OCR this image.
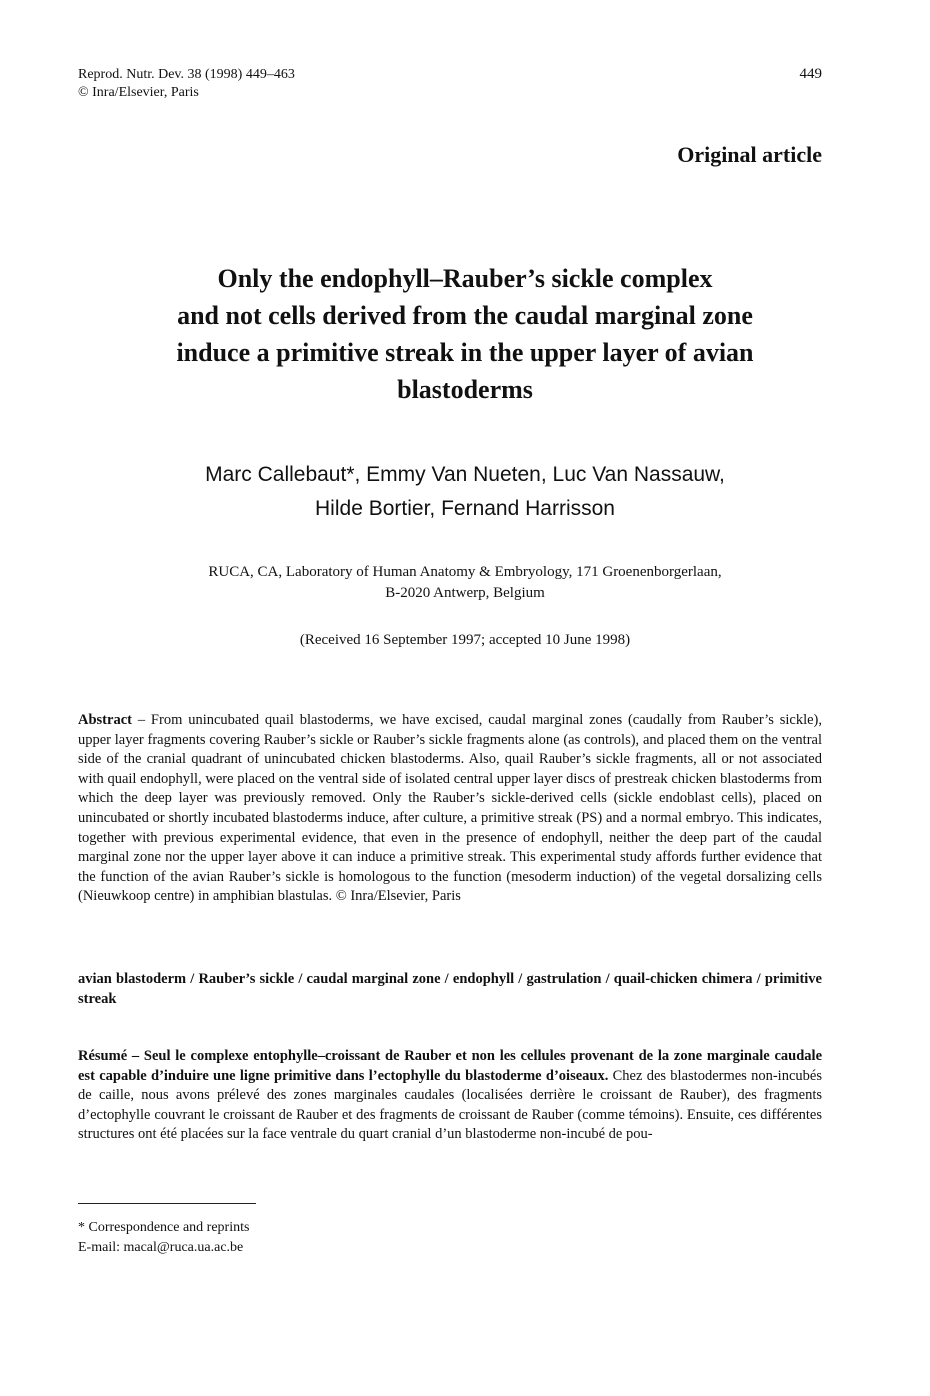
Reprod. Nutr. Dev. 38 (1998) 449–463
© Inra/Elsevier, Paris
449
Original article
Only the endophyll–Rauber’s sickle complex
and not cells derived from the caudal marginal zone
induce a primitive streak in the upper layer of avian
blastoderms
Marc Callebaut*, Emmy Van Nueten, Luc Van Nassauw,
Hilde Bortier, Fernand Harrisson
RUCA, CA, Laboratory of Human Anatomy & Embryology, 171 Groenenborgerlaan,
B-2020 Antwerp, Belgium
(Received 16 September 1997; accepted 10 June 1998)
Abstract – From unincubated quail blastoderms, we have excised, caudal marginal zones (caudally from Rauber’s sickle), upper layer fragments covering Rauber’s sickle or Rauber’s sickle fragments alone (as controls), and placed them on the ventral side of the cranial quadrant of unincubated chicken blastoderms. Also, quail Rauber’s sickle fragments, all or not associated with quail endophyll, were placed on the ventral side of isolated central upper layer discs of prestreak chicken blastoderms from which the deep layer was previously removed. Only the Rauber’s sickle-derived cells (sickle endoblast cells), placed on unincubated or shortly incubated blastoderms induce, after culture, a primitive streak (PS) and a normal embryo. This indicates, together with previous experimental evidence, that even in the presence of endophyll, neither the deep part of the caudal marginal zone nor the upper layer above it can induce a primitive streak. This experimental study affords further evidence that the function of the avian Rauber’s sickle is homologous to the function (mesoderm induction) of the vegetal dorsalizing cells (Nieuwkoop centre) in amphibian blastulas. © Inra/Elsevier, Paris
avian blastoderm / Rauber’s sickle / caudal marginal zone / endophyll / gastrulation / quail-chicken chimera / primitive streak
Résumé – Seul le complexe entophylle–croissant de Rauber et non les cellules provenant de la zone marginale caudale est capable d’induire une ligne primitive dans l’ectophylle du blastoderme d’oiseaux. Chez des blastodermes non-incubés de caille, nous avons prélevé des zones marginales caudales (localisées derrière le croissant de Rauber), des fragments d’ectophylle couvrant le croissant de Rauber et des fragments de croissant de Rauber (comme témoins). Ensuite, ces différentes structures ont été placées sur la face ventrale du quart cranial d’un blastoderme non-incubé de pou-
* Correspondence and reprints
E-mail: macal@ruca.ua.ac.be
